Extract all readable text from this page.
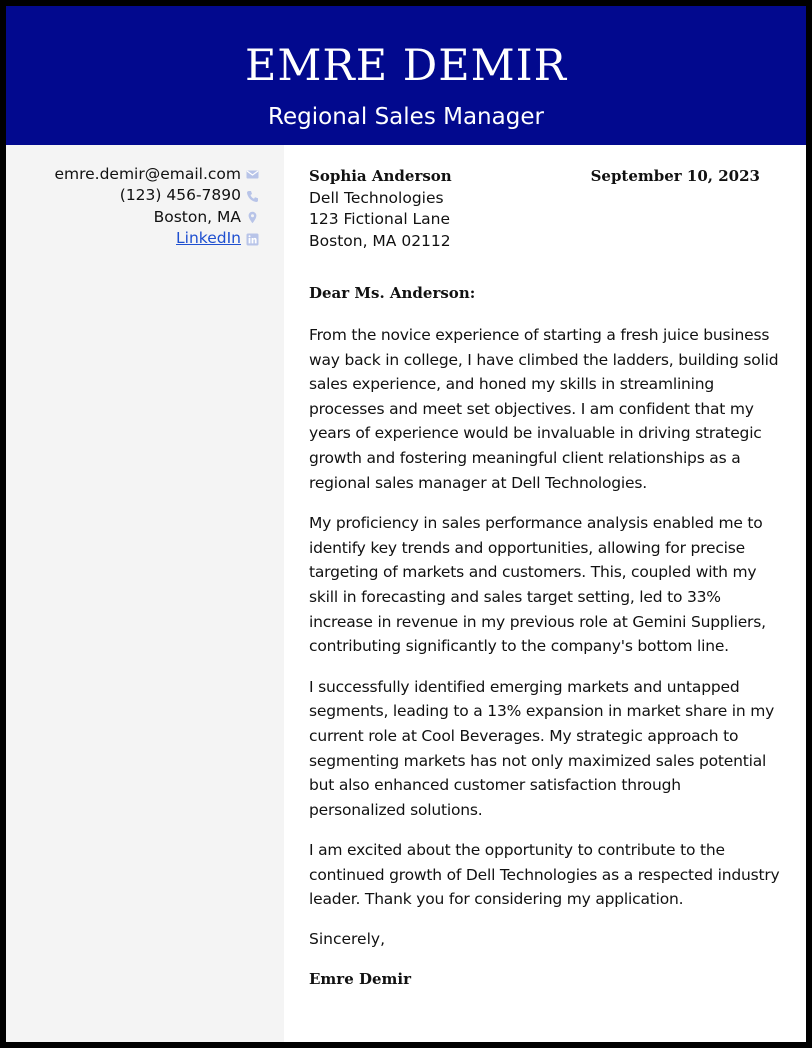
EMRE DEMIR
Regional Sales Manager
emre.demir@email.com
(123) 456-7890
Boston, MA
LinkedIn
Sophia Anderson
Dell Technologies
123 Fictional Lane
Boston, MA 02112
September 10, 2023
Dear Ms. Anderson:

From the novice experience of starting a fresh juice business way back in college, I have climbed the ladders, building solid sales experience, and honed my skills in streamlining processes and meet set objectives. I am confident that my years of experience would be invaluable in driving strategic growth and fostering meaningful client relationships as a regional sales manager at Dell Technologies.

My proficiency in sales performance analysis enabled me to identify key trends and opportunities, allowing for precise targeting of markets and customers. This, coupled with my skill in forecasting and sales target setting, led to 33% increase in revenue in my previous role at Gemini Suppliers, contributing significantly to the company's bottom line.

I successfully identified emerging markets and untapped segments, leading to a 13% expansion in market share in my current role at Cool Beverages. My strategic approach to segmenting markets has not only maximized sales potential but also enhanced customer satisfaction through personalized solutions.

I am excited about the opportunity to contribute to the continued growth of Dell Technologies as a respected industry leader. Thank you for considering my application.

Sincerely,
Emre Demir
